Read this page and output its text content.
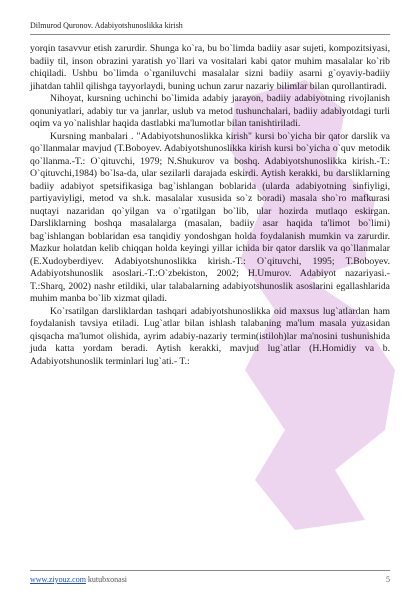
Dilmurod Quronov. Adabiyotshunoslikka kirish

yorqin tasavvur etish zarurdir. Shunga ko`ra, bu bo`limda badiiy asar sujeti, kompozitsiyasi, badiiy til, inson obrazini yaratish yo`llari va vositalari kabi qator muhim masalalar ko`rib chiqiladi. Ushbu bo`limda o`rganiluvchi masalalar sizni badiiy asarni g`oyaviy-badiiy jihatdan tahlil qilishga tayyorlaydi, buning uchun zarur nazariy bilimlar bilan qurollantiradi.

Nihoyat, kursning uchinchi bo`limida adabiy jarayon, badiiy adabiyotning rivojlanish qonuniyatlari, adabiy tur va janrlar, uslub va metod tushunchalari, badiiy adabiyotdagi turli oqim va yo`nalishlar haqida dastlabki ma'lumotlar bilan tanishtiriladi.

Kursning manbalari . "Adabiyotshunoslikka kirish" kursi bo`yicha bir qator darslik va qo`llanmalar mavjud (T.Boboyev. Adabiyotshunoslikka kirish kursi bo`yicha o`quv metodik qo`llanma.-T.: O`qituvchi, 1979; N.Shukurov va boshq. Adabiyotshunoslikka kirish.-T.: O`qituvchi,1984) bo`lsa-da, ular sezilarli darajada eskirdi. Aytish kerakki, bu darsliklarning badiiy adabiyot spetsifikasiga bag`ishlangan boblarida (ularda adabiyotning sinfiyligi, partiyaviyligi, metod va sh.k. masalalar xususida so`z boradi) masala sho`ro mafkurasi nuqtayi nazaridan qo`yilgan va o`rgatilgan bo`lib, ular hozirda mutlaqo eskirgan. Darsliklarning boshqa masalalarga (masalan, badiiy asar haqida ta'limot bo`limi) bag`ishlangan boblaridan esa tanqidiy yondoshgan holda foydalanish mumkin va zarurdir. Mazkur holatdan kelib chiqqan holda keyingi yillar ichida bir qator darslik va qo`llanmalar (E.Xudoyberdiyev. Adabiyotshunoslikka kirish.-T.: O`qituvchi, 1995; T.Boboyev. Adabiyotshunoslik asoslari.-T.:O`zbekiston, 2002; H.Umurov. Adabiyot nazariyasi.-T.:Sharq, 2002) nashr etildiki, ular talabalarning adabiyotshunoslik asoslarini egallashlarida muhim manba bo`lib xizmat qiladi.

Ko`rsatilgan darsliklardan tashqari adabiyotshunoslikka oid maxsus lug`atlardan ham foydalanish tavsiya etiladi. Lug`atlar bilan ishlash talabaning ma'lum masala yuzasidan qisqacha ma'lumot olishida, ayrim adabiy-nazariy termin(istiloh)lar ma'nosini tushunishida juda katta yordam beradi. Aytish kerakki, mavjud lug`atlar (H.Homidiy va b. Adabiyotshunoslik terminlari lug`ati.- T.:

www.ziyouz.com kutubxonasi	5
